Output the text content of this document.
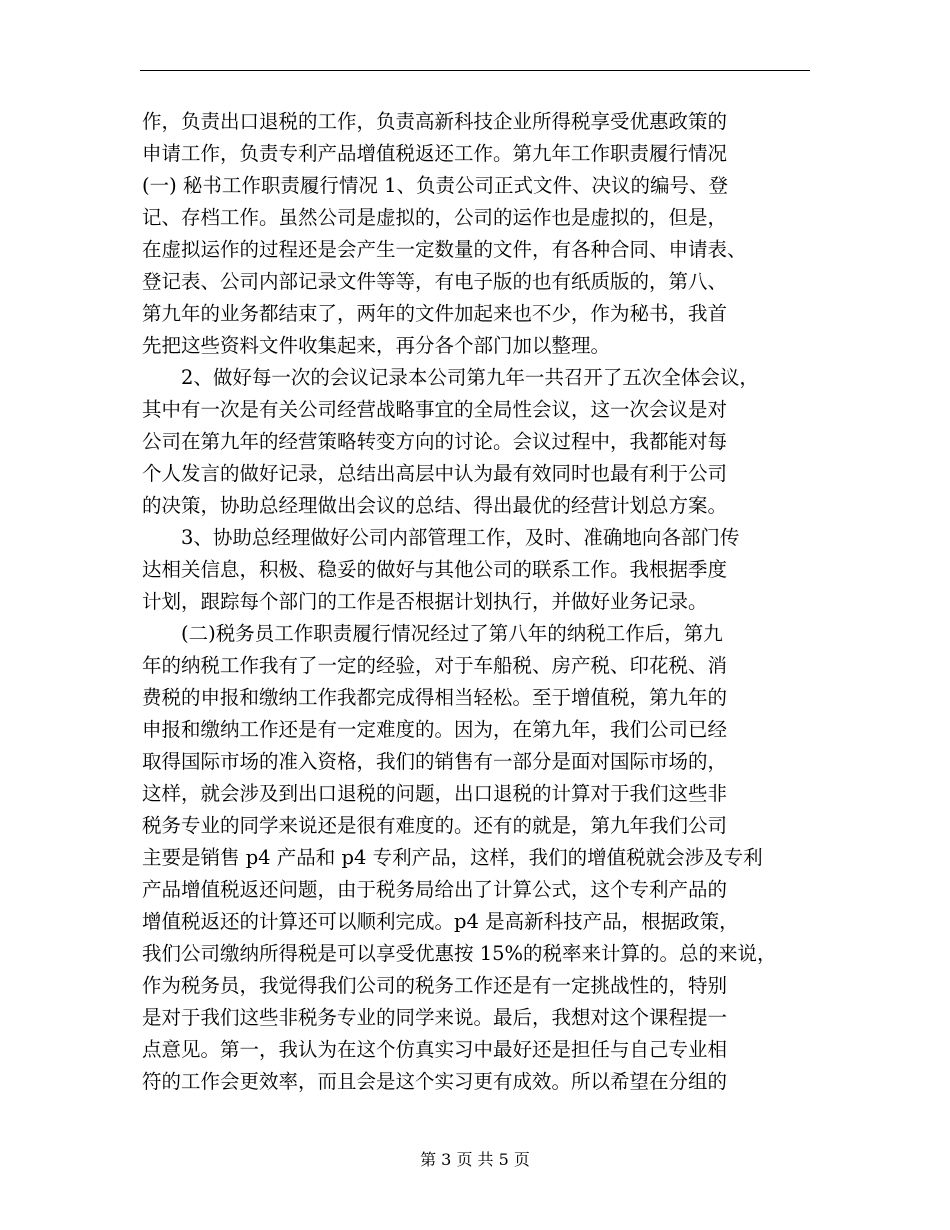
作，负责出口退税的工作，负责高新科技企业所得税享受优惠政策的
申请工作，负责专利产品增值税返还工作。第九年工作职责履行情况
(一) 秘书工作职责履行情况 1、负责公司正式文件、决议的编号、登
记、存档工作。虽然公司是虚拟的，公司的运作也是虚拟的，但是，
在虚拟运作的过程还是会产生一定数量的文件，有各种合同、申请表、
登记表、公司内部记录文件等等，有电子版的也有纸质版的，第八、
第九年的业务都结束了，两年的文件加起来也不少，作为秘书，我首
先把这些资料文件收集起来，再分各个部门加以整理。
　　2、做好每一次的会议记录本公司第九年一共召开了五次全体会议，
其中有一次是有关公司经营战略事宜的全局性会议，这一次会议是对
公司在第九年的经营策略转变方向的讨论。会议过程中，我都能对每
个人发言的做好记录，总结出高层中认为最有效同时也最有利于公司
的决策，协助总经理做出会议的总结、得出最优的经营计划总方案。
　　3、协助总经理做好公司内部管理工作，及时、准确地向各部门传
达相关信息，积极、稳妥的做好与其他公司的联系工作。我根据季度
计划，跟踪每个部门的工作是否根据计划执行，并做好业务记录。
　　(二)税务员工作职责履行情况经过了第八年的纳税工作后，第九
年的纳税工作我有了一定的经验，对于车船税、房产税、印花税、消
费税的申报和缴纳工作我都完成得相当轻松。至于增值税，第九年的
申报和缴纳工作还是有一定难度的。因为，在第九年，我们公司已经
取得国际市场的准入资格，我们的销售有一部分是面对国际市场的，
这样，就会涉及到出口退税的问题，出口退税的计算对于我们这些非
税务专业的同学来说还是很有难度的。还有的就是，第九年我们公司
主要是销售 p4 产品和 p4 专利产品，这样，我们的增值税就会涉及专利
产品增值税返还问题，由于税务局给出了计算公式，这个专利产品的
增值税返还的计算还可以顺利完成。p4 是高新科技产品，根据政策，
我们公司缴纳所得税是可以享受优惠按 15%的税率来计算的。总的来说，
作为税务员，我觉得我们公司的税务工作还是有一定挑战性的，特别
是对于我们这些非税务专业的同学来说。最后，我想对这个课程提一
点意见。第一，我认为在这个仿真实习中最好还是担任与自己专业相
符的工作会更效率，而且会是这个实习更有成效。所以希望在分组的
第 3 页 共 5 页
